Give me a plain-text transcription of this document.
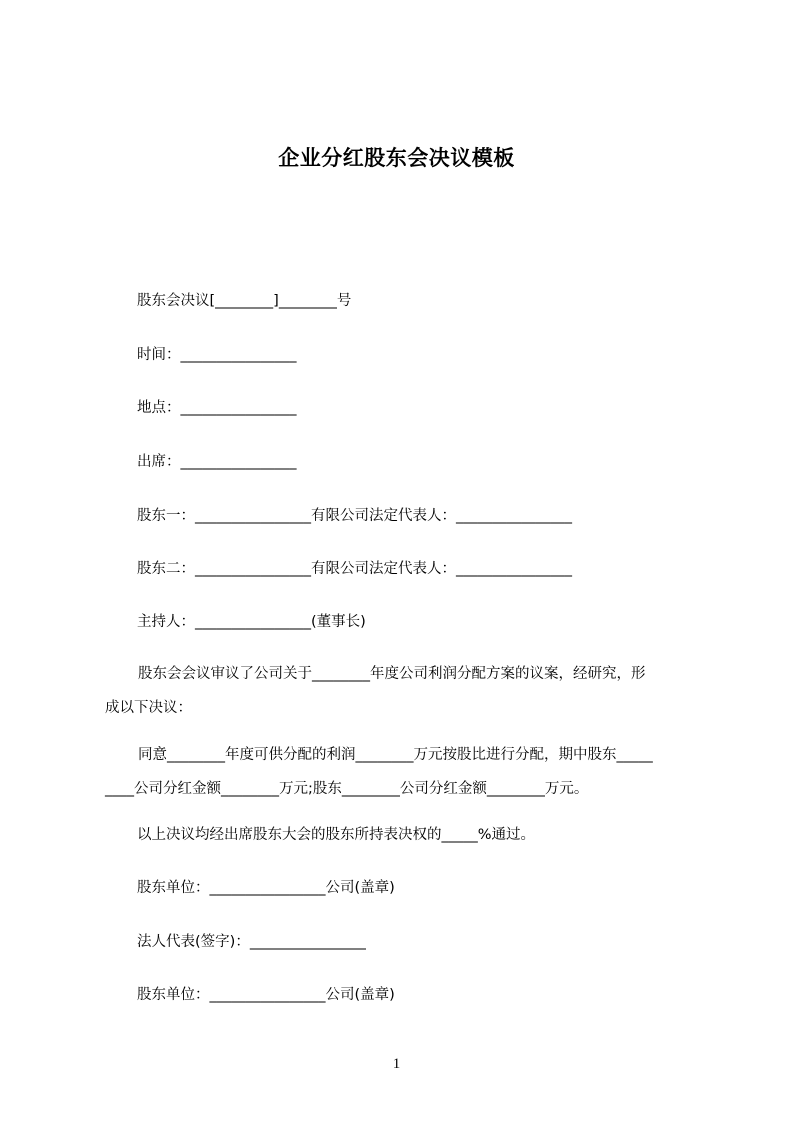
企业分红股东会决议模板

股东会决议[________]________号

时间：________________

地点：________________

出席：________________

股东一：________________有限公司法定代表人：________________

股东二：________________有限公司法定代表人：________________

主持人：________________(董事长)

股东会会议审议了公司关于________年度公司利润分配方案的议案，经研究，形
成以下决议：
同意________年度可供分配的利润________万元按股比进行分配，期中股东_____
____公司分红金额________万元;股东________公司分红金额________万元。

以上决议均经出席股东大会的股东所持表决权的_____%通过。

股东单位：________________公司(盖章)

法人代表(签字)：________________

股东单位：________________公司(盖章)

1
